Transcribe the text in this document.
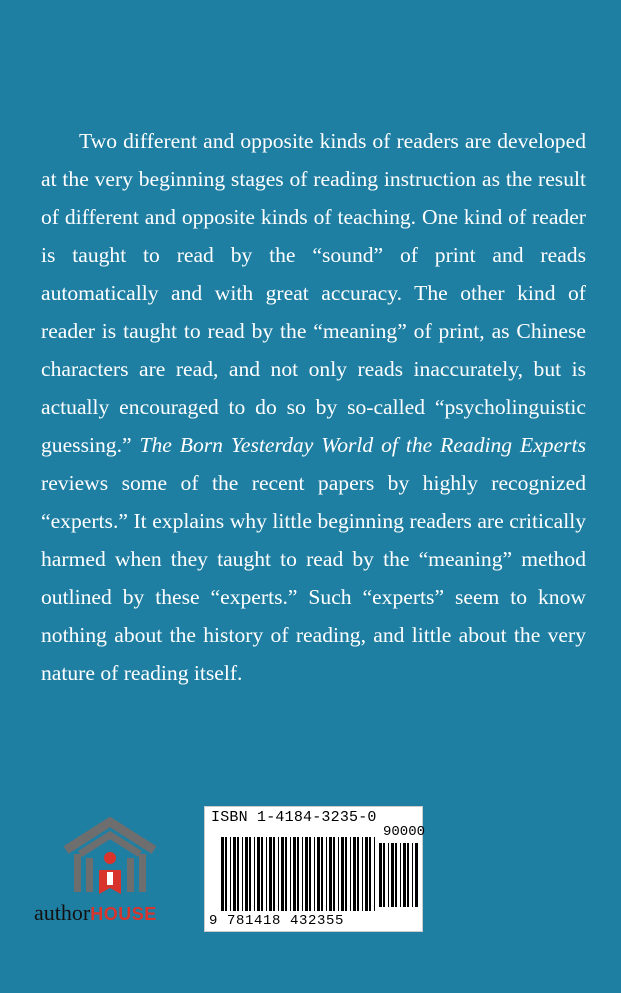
Two different and opposite kinds of readers are developed at the very beginning stages of reading instruction as the result of different and opposite kinds of teaching. One kind of reader is taught to read by the “sound” of print and reads automatically and with great accuracy. The other kind of reader is taught to read by the “meaning” of print, as Chinese characters are read, and not only reads inaccurately, but is actually encouraged to do so by so-called “psycholinguistic guessing.” The Born Yesterday World of the Reading Experts reviews some of the recent papers by highly recognized “experts.” It explains why little beginning readers are critically harmed when they taught to read by the “meaning” method outlined by these “experts.” Such “experts” seem to know nothing about the history of reading, and little about the very nature of reading itself.

authorHOUSE
ISBN 1-4184-3235-0
90000
9 781418 432355
